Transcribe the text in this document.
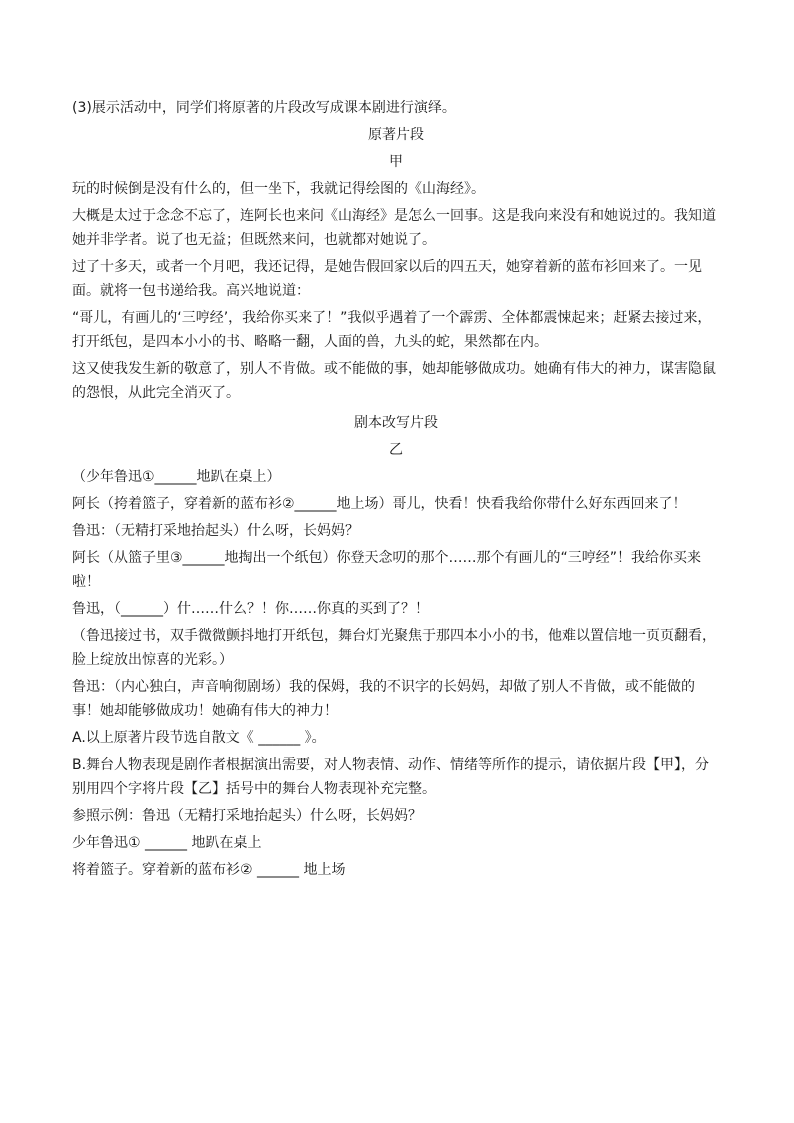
(3)展示活动中，同学们将原著的片段改写成课本剧进行演绎。

原著片段

甲

玩的时候倒是没有什么的，但一坐下，我就记得绘图的《山海经》。

大概是太过于念念不忘了，连阿长也来问《山海经》是怎么一回事。这是我向来没有和她说过的。我知道她并非学者。说了也无益；但既然来问，也就都对她说了。

过了十多天，或者一个月吧，我还记得，是她告假回家以后的四五天，她穿着新的蓝布衫回来了。一见面。就将一包书递给我。高兴地说道：

“哥儿，有画儿的‘三哼经’，我给你买来了！”我似乎遇着了一个霹雳、全体都震悚起来；赶紧去接过来，打开纸包，是四本小小的书、略略一翻，人面的兽，九头的蛇，果然都在内。

这又使我发生新的敬意了，别人不肯做。或不能做的事，她却能够做成功。她确有伟大的神力，谋害隐鼠的怨恨，从此完全消灭了。

剧本改写片段

乙

（少年鲁迅①______地趴在桌上）

阿长（挎着篮子，穿着新的蓝布衫②______地上场）哥儿，快看！快看我给你带什么好东西回来了！

鲁迅：（无精打采地抬起头）什么呀，长妈妈？

阿长（从篮子里③______地掏出一个纸包）你登天念叨的那个……那个有画儿的“三哼经”！我给你买来啦！

鲁迅，（______）什……什么？！你……你真的买到了？！

（鲁迅接过书，双手微微颤抖地打开纸包，舞台灯光聚焦于那四本小小的书，他难以置信地一页页翻看，脸上绽放出惊喜的光彩。）

鲁迅：（内心独白，声音响彻剧场）我的保姆，我的不识字的长妈妈，却做了别人不肯做，或不能做的事！她却能够做成功！她确有伟大的神力！

A.以上原著片段节选自散文《 ______ 》。

B.舞台人物表现是剧作者根据演出需要，对人物表情、动作、情绪等所作的提示，请依据片段【甲】，分别用四个字将片段【乙】括号中的舞台人物表现补充完整。

参照示例：鲁迅（无精打采地抬起头）什么呀，长妈妈？

少年鲁迅① ______ 地趴在桌上

将着篮子。穿着新的蓝布衫② ______ 地上场
